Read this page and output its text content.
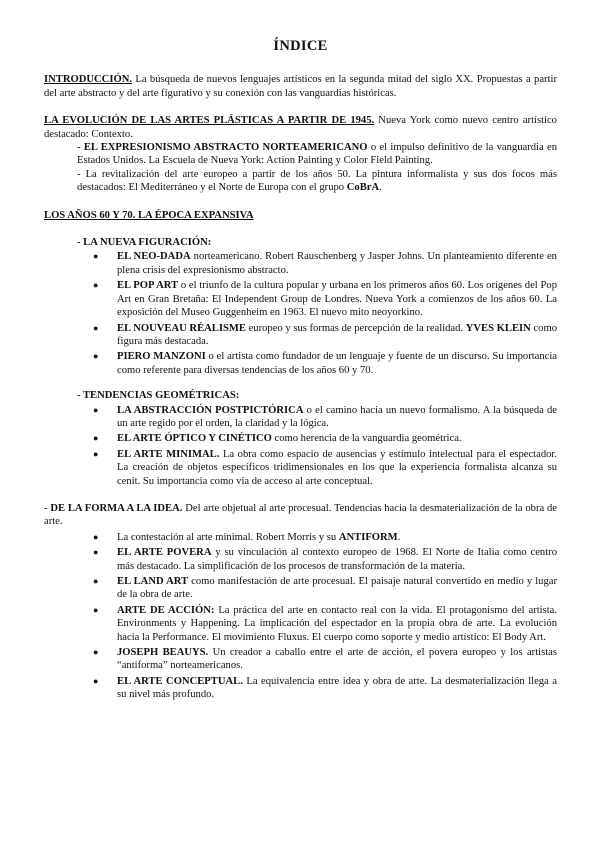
ÍNDICE

INTRODUCCIÓN. La búsqueda de nuevos lenguajes artísticos en la segunda mitad del siglo XX. Propuestas a partir del arte abstracto y del arte figurativo y su conexión con las vanguardias históricas.

LA EVOLUCIÓN DE LAS ARTES PLÁSTICAS A PARTIR DE 1945. Nueva York como nuevo centro artístico destacado: Contexto.

- EL EXPRESIONISMO ABSTRACTO NORTEAMERICANO o el impulso definitivo de la vanguardia en Estados Unidos. La Escuela de Nueva York: Action Painting y Color Field Painting.

- La revitalización del arte europeo a partir de los años 50. La pintura informalista y sus dos focos más destacados: El Mediterráneo y el Norte de Europa con el grupo CoBrA.

LOS AÑOS 60 Y 70. LA ÉPOCA EXPANSIVA

- LA NUEVA FIGURACIÓN:
● EL NEO-DADA norteamericano. Robert Rauschenberg y Jasper Johns. Un planteamiento diferente en plena crisis del expresionismo abstracto.
● EL POP ART o el triunfo de la cultura popular y urbana en los primeros años 60. Los orígenes del Pop Art en Gran Bretaña: El Independent Group de Londres. Nueva York a comienzos de los años 60. La exposición del Museo Guggenheim en 1963. El nuevo mito neoyorkino.
● EL NOUVEAU RÉALISME europeo y sus formas de percepción de la realidad. YVES KLEIN como figura más destacada.
● PIERO MANZONI o el artista como fundador de un lenguaje y fuente de un discurso. Su importancia como referente para diversas tendencias de los años 60 y 70.
- TENDENCIAS GEOMÉTRICAS:
● LA ABSTRACCIÓN POSTPICTÓRICA o el camino hacia un nuevo formalismo. A la búsqueda de un arte regido por el orden, la claridad y la lógica.
● EL ARTE ÓPTICO Y CINÉTICO como herencia de la vanguardia geométrica.
● EL ARTE MINIMAL. La obra como espacio de ausencias y estímulo intelectual para el espectador. La creación de objetos específicos tridimensionales en los que la experiencia formalista alcanza su cenit. Su importancia como vía de acceso al arte conceptual.

- DE LA FORMA A LA IDEA. Del arte objetual al arte procesual. Tendencias hacia la desmaterialización de la obra de arte.

● La contestación al arte minimal. Robert Morris y su ANTIFORM.
● EL ARTE POVERA y su vinculación al contexto europeo de 1968. El Norte de Italia como centro más destacado. La simplificación de los procesos de transformación de la materia.
● EL LAND ART como manifestación de arte procesual. El paisaje natural convertido en medio y lugar de la obra de arte.
● ARTE DE ACCIÓN: La práctica del arte en contacto real con la vida. El protagonismo del artista. Environments y Happening. La implicación del espectador en la propia obra de arte. La evolución hacia la Performance. El movimiento Fluxus. El cuerpo como soporte y medio artístico: El Body Art.
● JOSEPH BEAUYS. Un creador a caballo entre el arte de acción, el povera europeo y los artistas “antiforma” norteamericanos.
● EL ARTE CONCEPTUAL. La equivalencia entre idea y obra de arte. La desmaterialización llega a su nivel más profundo.
